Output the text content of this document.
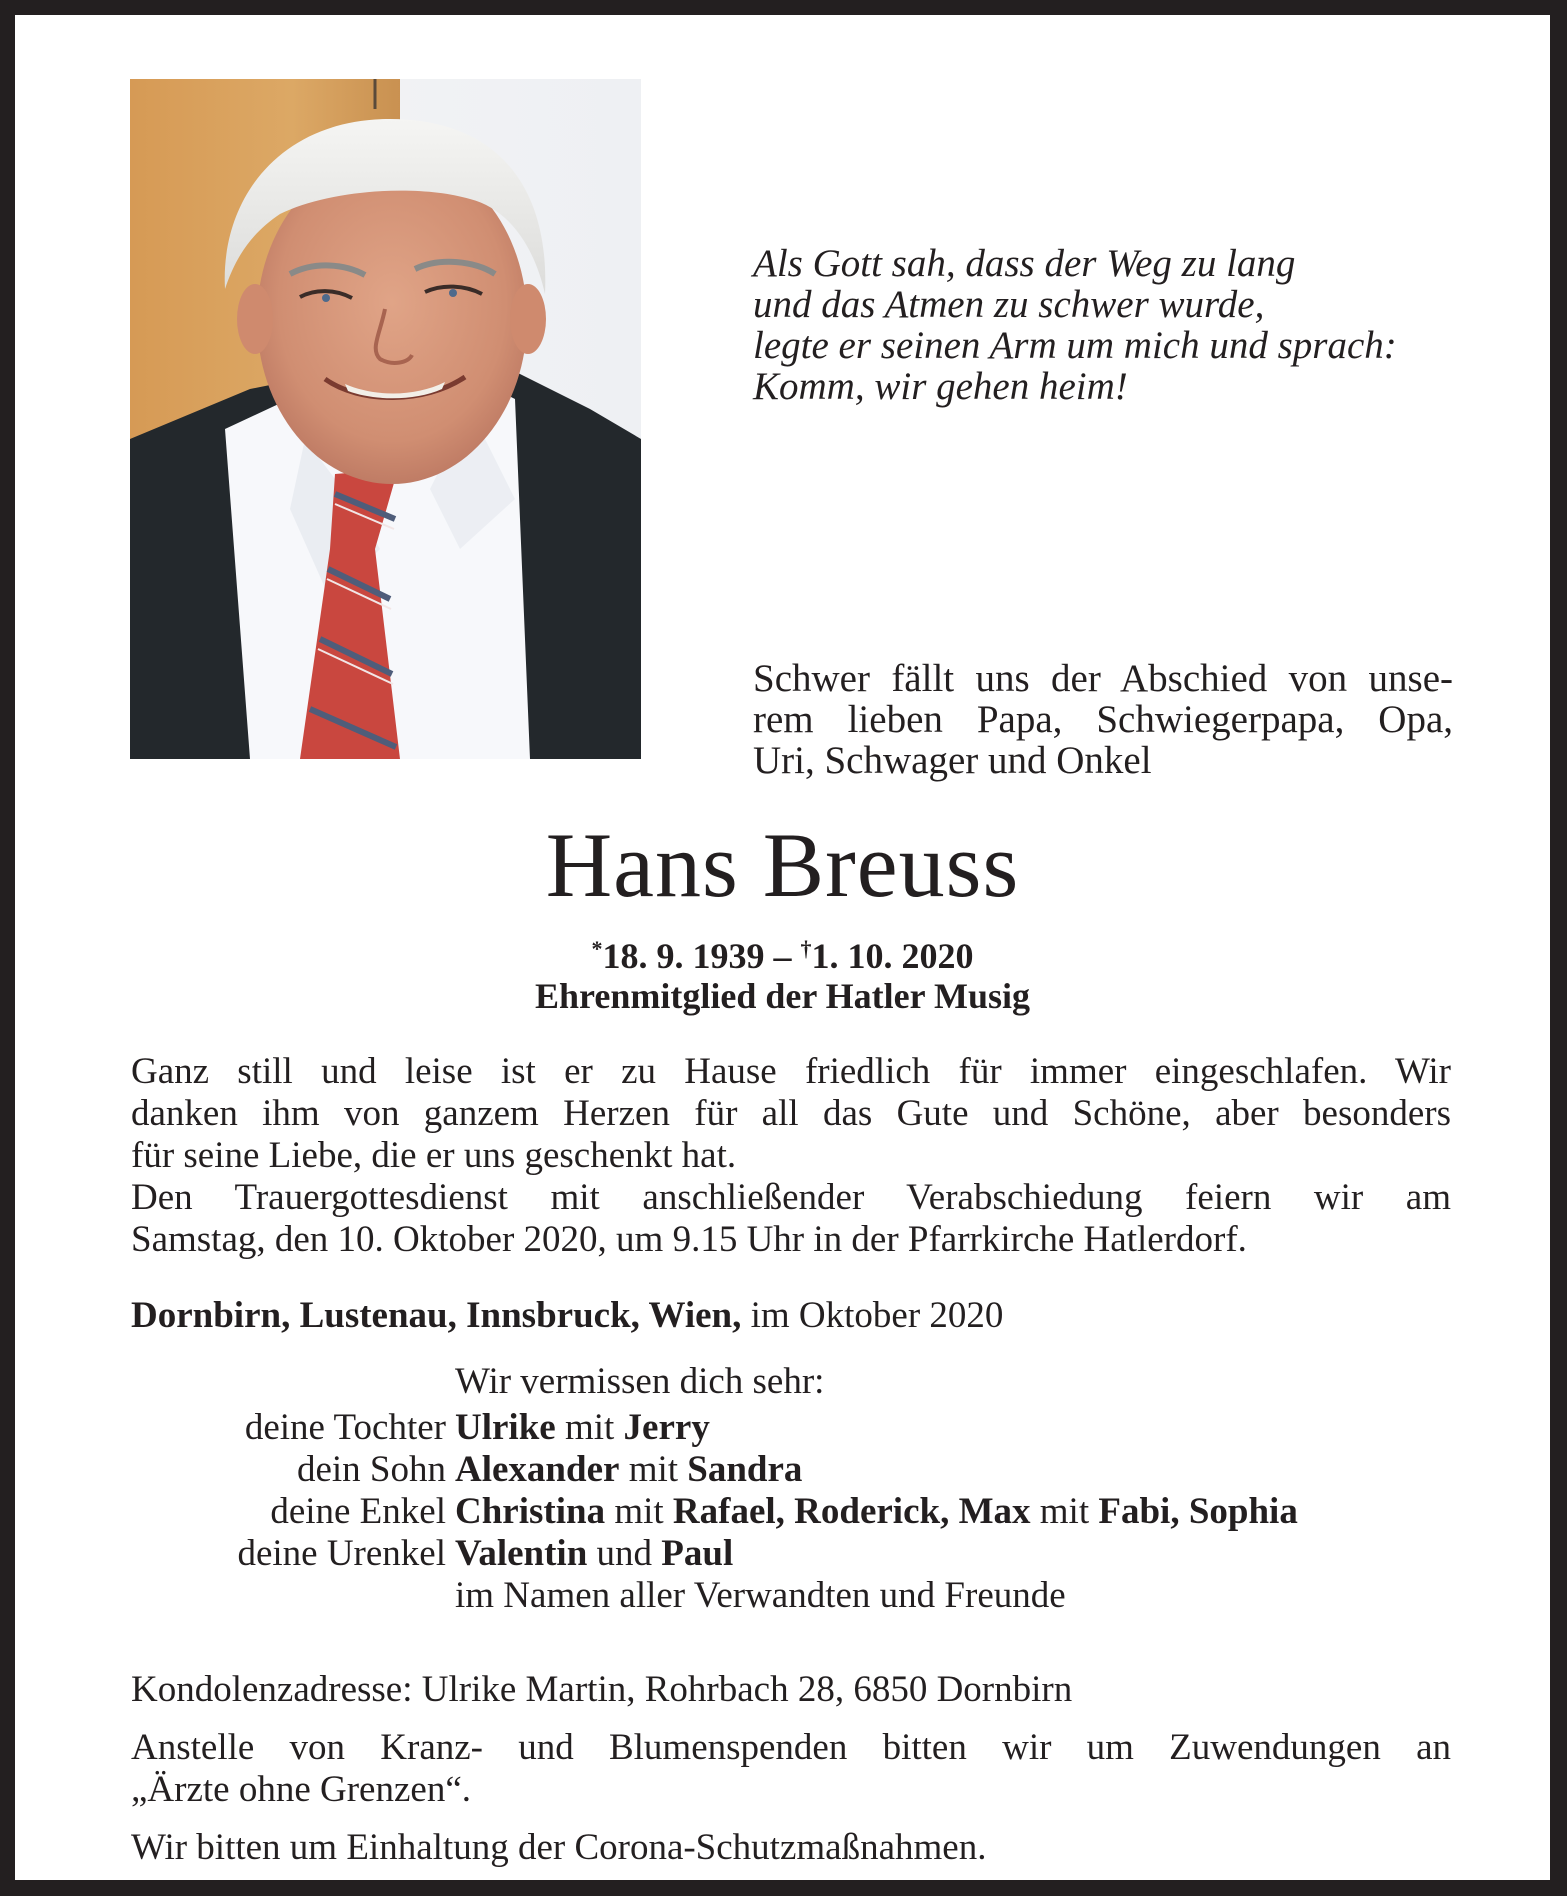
Als Gott sah, dass der Weg zu lang
und das Atmen zu schwer wurde,
legte er seinen Arm um mich und sprach:
Komm, wir gehen heim!
Schwer fällt uns der Abschied von unse-
rem lieben Papa, Schwiegerpapa, Opa,
Uri, Schwager und Onkel
Hans Breuss
*18. 9. 1939 – †1. 10. 2020
Ehrenmitglied der Hatler Musig
Ganz still und leise ist er zu Hause friedlich für immer eingeschlafen. Wir
danken ihm von ganzem Herzen für all das Gute und Schöne, aber besonders
für seine Liebe, die er uns geschenkt hat.
Den Trauergottesdienst mit anschließender Verabschiedung feiern wir am
Samstag, den 10. Oktober 2020, um 9.15 Uhr in der Pfarrkirche Hatlerdorf.
Dornbirn, Lustenau, Innsbruck, Wien, im Oktober 2020
Wir vermissen dich sehr:
deine Tochter Ulrike mit Jerry
dein Sohn Alexander mit Sandra
deine Enkel Christina mit Rafael, Roderick, Max mit Fabi, Sophia
deine Urenkel Valentin und Paul
im Namen aller Verwandten und Freunde
Kondolenzadresse: Ulrike Martin, Rohrbach 28, 6850 Dornbirn
Anstelle von Kranz- und Blumenspenden bitten wir um Zuwendungen an
„Ärzte ohne Grenzen“.
Wir bitten um Einhaltung der Corona-Schutzmaßnahmen.
